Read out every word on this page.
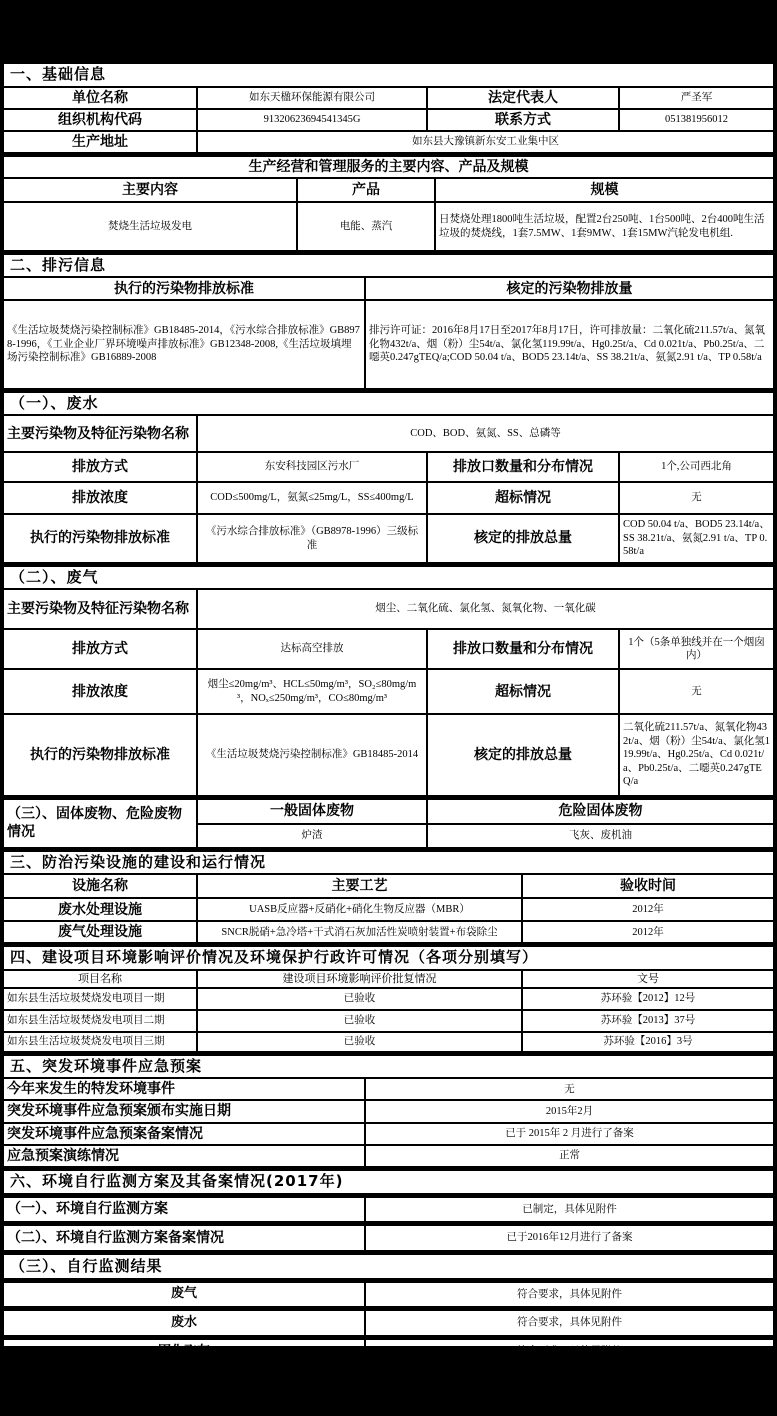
一、基础信息							
单位名称	如东天楹环保能源有限公司			法定代表人			严圣军
组织机构代码	91320623694541345G			联系方式			051381956012
生产地址	如东县大豫镇新东安工业集中区						
生产经营和管理服务的主要内容、产品及规模							
主要内容		产品			规模		
焚烧生活垃圾发电		电能、蒸汽			日焚烧处理1800吨生活垃圾，配置2台250吨、1台500吨、2台400吨生活垃圾的焚烧线，1套7.5MW、1套9MW、1套15MW汽轮发电机组.		
二、排污信息							
执行的污染物排放标准			核定的污染物排放量				
《生活垃圾焚烧污染控制标准》GB18485-2014，《污水综合排放标准》GB8978-1996，《工业企业厂界环境噪声排放标准》GB12348-2008,《生活垃圾填埋场污染控制标准》GB16889-2008			排污许可证：2016年8月17日至2017年8月17日，许可排放量：二氧化硫211.57t/a、氮氧化物432t/a、烟（粉）尘54t/a、氯化氢119.99t/a、Hg0.25t/a、Cd 0.021t/a、Pb0.25t/a、二噁英0.247gTEQ/a;COD 50.04 t/a、BOD5 23.14t/a、SS 38.21t/a、氨氮2.91 t/a、TP 0.58t/a				
（一）、废水							
主要污染物及特征污染物名称	COD、BOD、氨氮、SS、总磷等						
排放方式	东安科技园区污水厂			排放口数量和分布情况			1个,公司西北角
排放浓度	COD≤500mg/L，氨氮≤25mg/L，SS≤400mg/L			超标情况			无
执行的污染物排放标准	《污水综合排放标准》（GB8978-1996）三级标准			核定的排放总量			COD 50.04 t/a、BOD5 23.14t/a、SS 38.21t/a、氨氮2.91 t/a、TP 0.58t/a
（二）、废气							
主要污染物及特征污染物名称	烟尘、二氧化硫、氯化氢、氮氧化物、一氧化碳						
排放方式	达标高空排放			排放口数量和分布情况			1个（5条单独线并在一个烟囱内）
排放浓度	烟尘≤20mg/m³、HCL≤50mg/m³，SO₂≤80mg/m³，NOₓ≤250mg/m³，CO≤80mg/m³			超标情况			无
执行的污染物排放标准	《生活垃圾焚烧污染控制标准》GB18485-2014			核定的排放总量			二氧化硫211.57t/a、氮氧化物432t/a、烟（粉）尘54t/a、氯化氢119.99t/a、Hg0.25t/a、Cd 0.021t/a、Pb0.25t/a、二噁英0.247gTEQ/a
（三）、固体废物、危险废物情况	一般固体废物			危险固体废物			
	炉渣			飞灰、废机油			
三、防治污染设施的建设和运行情况							
设施名称	主要工艺					验收时间	
废水处理设施	UASB反应器+反硝化+硝化生物反应器（MBR）					2012年	
废气处理设施	SNCR脱硝+急冷塔+干式消石灰加活性炭喷射装置+布袋除尘					2012年	
四、建设项目环境影响评价情况及环境保护行政许可情况（各项分别填写）							
项目名称	建设项目环境影响评价批复情况					文号	
如东县生活垃圾焚烧发电项目一期	已验收					苏环验【2012】12号	
如东县生活垃圾焚烧发电项目二期	已验收					苏环验【2013】37号	
如东县生活垃圾焚烧发电项目三期	已验收					苏环验【2016】3号	
五、突发环境事件应急预案							
今年来发生的特发环境事件			无				
突发环境事件应急预案颁布实施日期			2015年2月				
突发环境事件应急预案备案情况			已于 2015年 2 月进行了备案				
应急预案演练情况			正常				
六、环境自行监测方案及其备案情况(2017年)							
（一）、环境自行监测方案			已制定，具体见附件				
（二）、环境自行监测方案备案情况			已于2016年12月进行了备案				
（三）、自行监测结果							
废气			符合要求，具体见附件				
废水			符合要求，具体见附件				
固化飞灰			符合要求，具体见附件				
炉渣			符合要求，具体见附件				
二噁英			符合要求，具体见附件				
